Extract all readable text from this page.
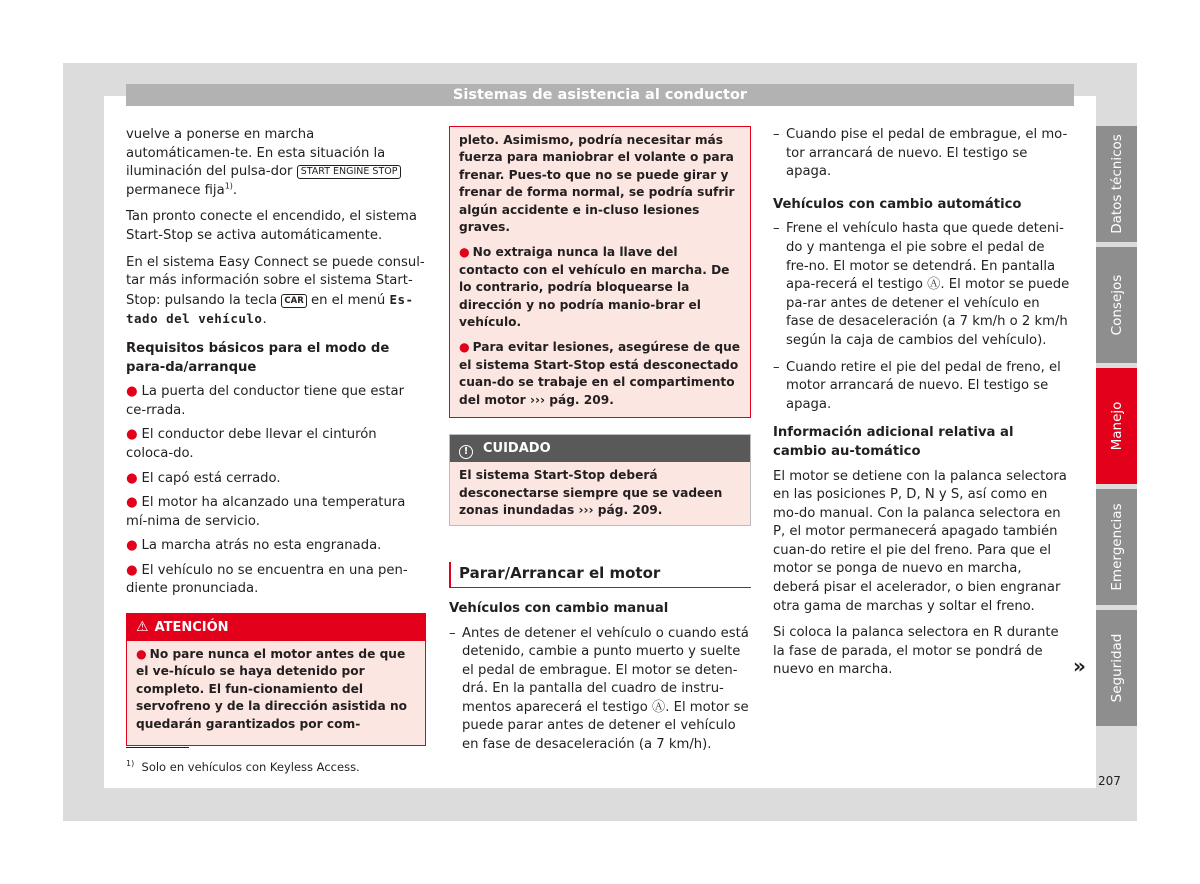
Sistemas de asistencia al conductor

vuelve a ponerse en marcha automáticamen-te. En esta situación la iluminación del pulsa-dor START ENGINE STOP permanece fija$^{1)}$.

Tan pronto conecte el encendido, el sistema Start-Stop se activa automáticamente.

En el sistema Easy Connect se puede consul-tar más información sobre el sistema Start-Stop: pulsando la tecla CAR en el menú Es-tado del vehículo.

Requisitos básicos para el modo de para-da/arranque
● La puerta del conductor tiene que estar ce-rrada.
● El conductor debe llevar el cinturón coloca-do.
● El capó está cerrado.
● El motor ha alcanzado una temperatura mí-nima de servicio.
● La marcha atrás no esta engranada.
● El vehículo no se encuentra en una pen-diente pronunciada.
⚠ ATENCIÓN

● No pare nunca el motor antes de que el ve-hículo se haya detenido por completo. El fun-cionamiento del servofreno y de la dirección asistida no quedarán garantizados por com-

pleto. Asimismo, podría necesitar más fuerza para maniobrar el volante o para frenar. Pues-to que no se puede girar y frenar de forma normal, se podría sufrir algún accidente e in-cluso lesiones graves.

● No extraiga nunca la llave del contacto con el vehículo en marcha. De lo contrario, podría bloquearse la dirección y no podría manio-brar el vehículo.

● Para evitar lesiones, asegúrese de que el sistema Start-Stop está desconectado cuan-do se trabaje en el compartimento del motor ››› pág. 209.

! CUIDADO
El sistema Start-Stop deberá desconectarse siempre que se vadeen zonas inundadas ››› pág. 209.
Parar/Arrancar el motor
Vehículos con cambio manual
– Antes de detener el vehículo o cuando está detenido, cambie a punto muerto y suelte el pedal de embrague. El motor se deten-drá. En la pantalla del cuadro de instru-mentos aparecerá el testigo Ⓐ. El motor se puede parar antes de detener el vehículo en fase de desaceleración (a 7 km/h).
– Cuando pise el pedal de embrague, el mo-tor arrancará de nuevo. El testigo se apaga.
Vehículos con cambio automático
– Frene el vehículo hasta que quede deteni-do y mantenga el pie sobre el pedal de fre-no. El motor se detendrá. En pantalla apa-recerá el testigo Ⓐ. El motor se puede pa-rar antes de detener el vehículo en fase de desaceleración (a 7 km/h o 2 km/h según la caja de cambios del vehículo).
– Cuando retire el pie del pedal de freno, el motor arrancará de nuevo. El testigo se apaga.
Información adicional relativa al cambio au-tomático

El motor se detiene con la palanca selectora en las posiciones P, D, N y S, así como en mo-do manual. Con la palanca selectora en P, el motor permanecerá apagado también cuan-do retire el pie del freno. Para que el motor se ponga de nuevo en marcha, deberá pisar el acelerador, o bien engranar otra gama de marchas y soltar el freno.

Si coloca la palanca selectora en R durante la fase de parada, el motor se pondrá de nuevo en marcha.	»
Datos técnicos
Consejos
Manejo
Emergencias
Seguridad
$^{1)}$ Solo en vehículos con Keyless Access.
207
